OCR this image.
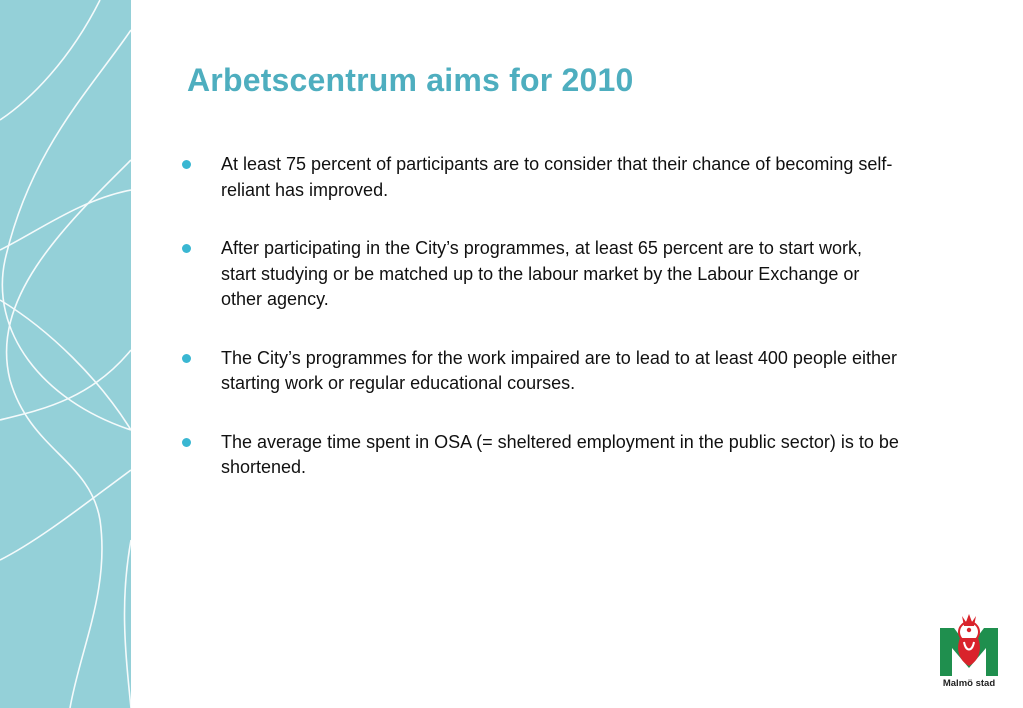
Arbetscentrum aims for 2010
At least 75 percent of participants are to consider that their chance of becoming self-reliant has improved.
After participating in the City’s programmes, at least 65 percent are to start work, start studying or be matched up to the labour market by the Labour Exchange or other agency.
The City’s programmes for the work impaired are to lead to at least 400 people either starting work or regular educational courses.
The average time spent in OSA (= sheltered employment in the public sector) is to be shortened.
Malmö stad
